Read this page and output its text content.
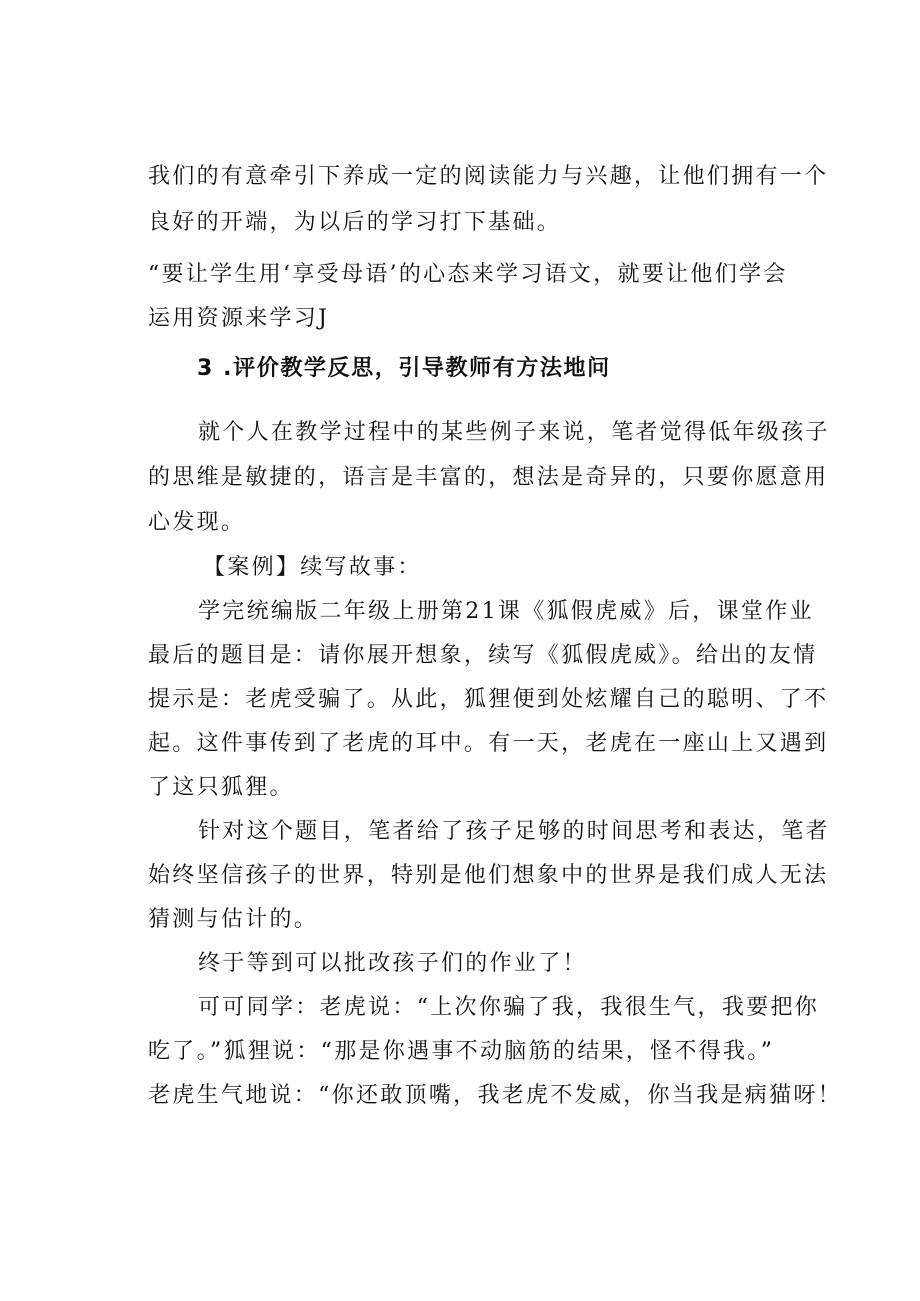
我们的有意牵引下养成一定的阅读能力与兴趣，让他们拥有一个
良好的开端，为以后的学习打下基础。
“要让学生用‘享受母语’的心态来学习语文，就要让他们学会
运用资源来学习J
3 .评价教学反思，引导教师有方法地问
就个人在教学过程中的某些例子来说，笔者觉得低年级孩子
的思维是敏捷的，语言是丰富的，想法是奇异的，只要你愿意用
心发现。
【案例】续写故事：
学完统编版二年级上册第21课《狐假虎威》后，课堂作业
最后的题目是：请你展开想象，续写《狐假虎威》。给出的友情
提示是：老虎受骗了。从此，狐狸便到处炫耀自己的聪明、了不
起。这件事传到了老虎的耳中。有一天，老虎在一座山上又遇到
了这只狐狸。
针对这个题目，笔者给了孩子足够的时间思考和表达，笔者
始终坚信孩子的世界，特别是他们想象中的世界是我们成人无法
猜测与估计的。
终于等到可以批改孩子们的作业了！
可可同学：老虎说：“上次你骗了我，我很生气，我要把你
吃了。”狐狸说：“那是你遇事不动脑筋的结果，怪不得我。”
老虎生气地说：“你还敢顶嘴，我老虎不发威，你当我是病猫呀！
